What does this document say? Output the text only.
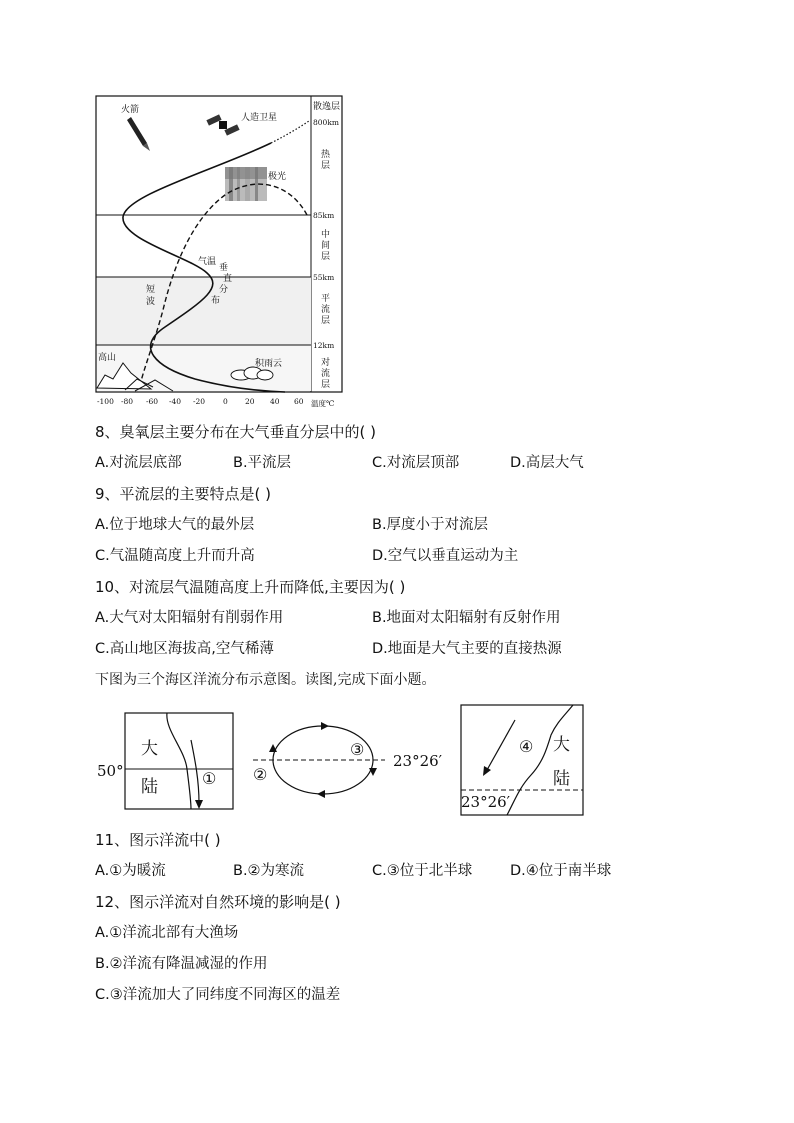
散逸层
800km
热层
85km
中间层
55km
平流层
12km
对流层
火箭
人造卫星
极光
气温垂直分布
短波
高山
积雨云
-100 -80 -60 -40 -20 0 20 40 60 温度℃
8、臭氧层主要分布在大气垂直分层中的( )
A.对流层底部	B.平流层	C.对流层顶部	D.高层大气
9、平流层的主要特点是( )
A.位于地球大气的最外层	B.厚度小于对流层
C.气温随高度上升而升高	D.空气以垂直运动为主
10、对流层气温随高度上升而降低,主要因为( )
A.大气对太阳辐射有削弱作用	B.地面对太阳辐射有反射作用
C.高山地区海拔高,空气稀薄	D.地面是大气主要的直接热源
下图为三个海区洋流分布示意图。读图,完成下面小题。
50°
大
陆	① ②
③
23°26′
④ 大
陆
23°26′
11、图示洋流中( )
A.①为暖流	B.②为寒流	C.③位于北半球	D.④位于南半球
12、图示洋流对自然环境的影响是( )
A.①洋流北部有大渔场
B.②洋流有降温减湿的作用
C.③洋流加大了同纬度不同海区的温差
